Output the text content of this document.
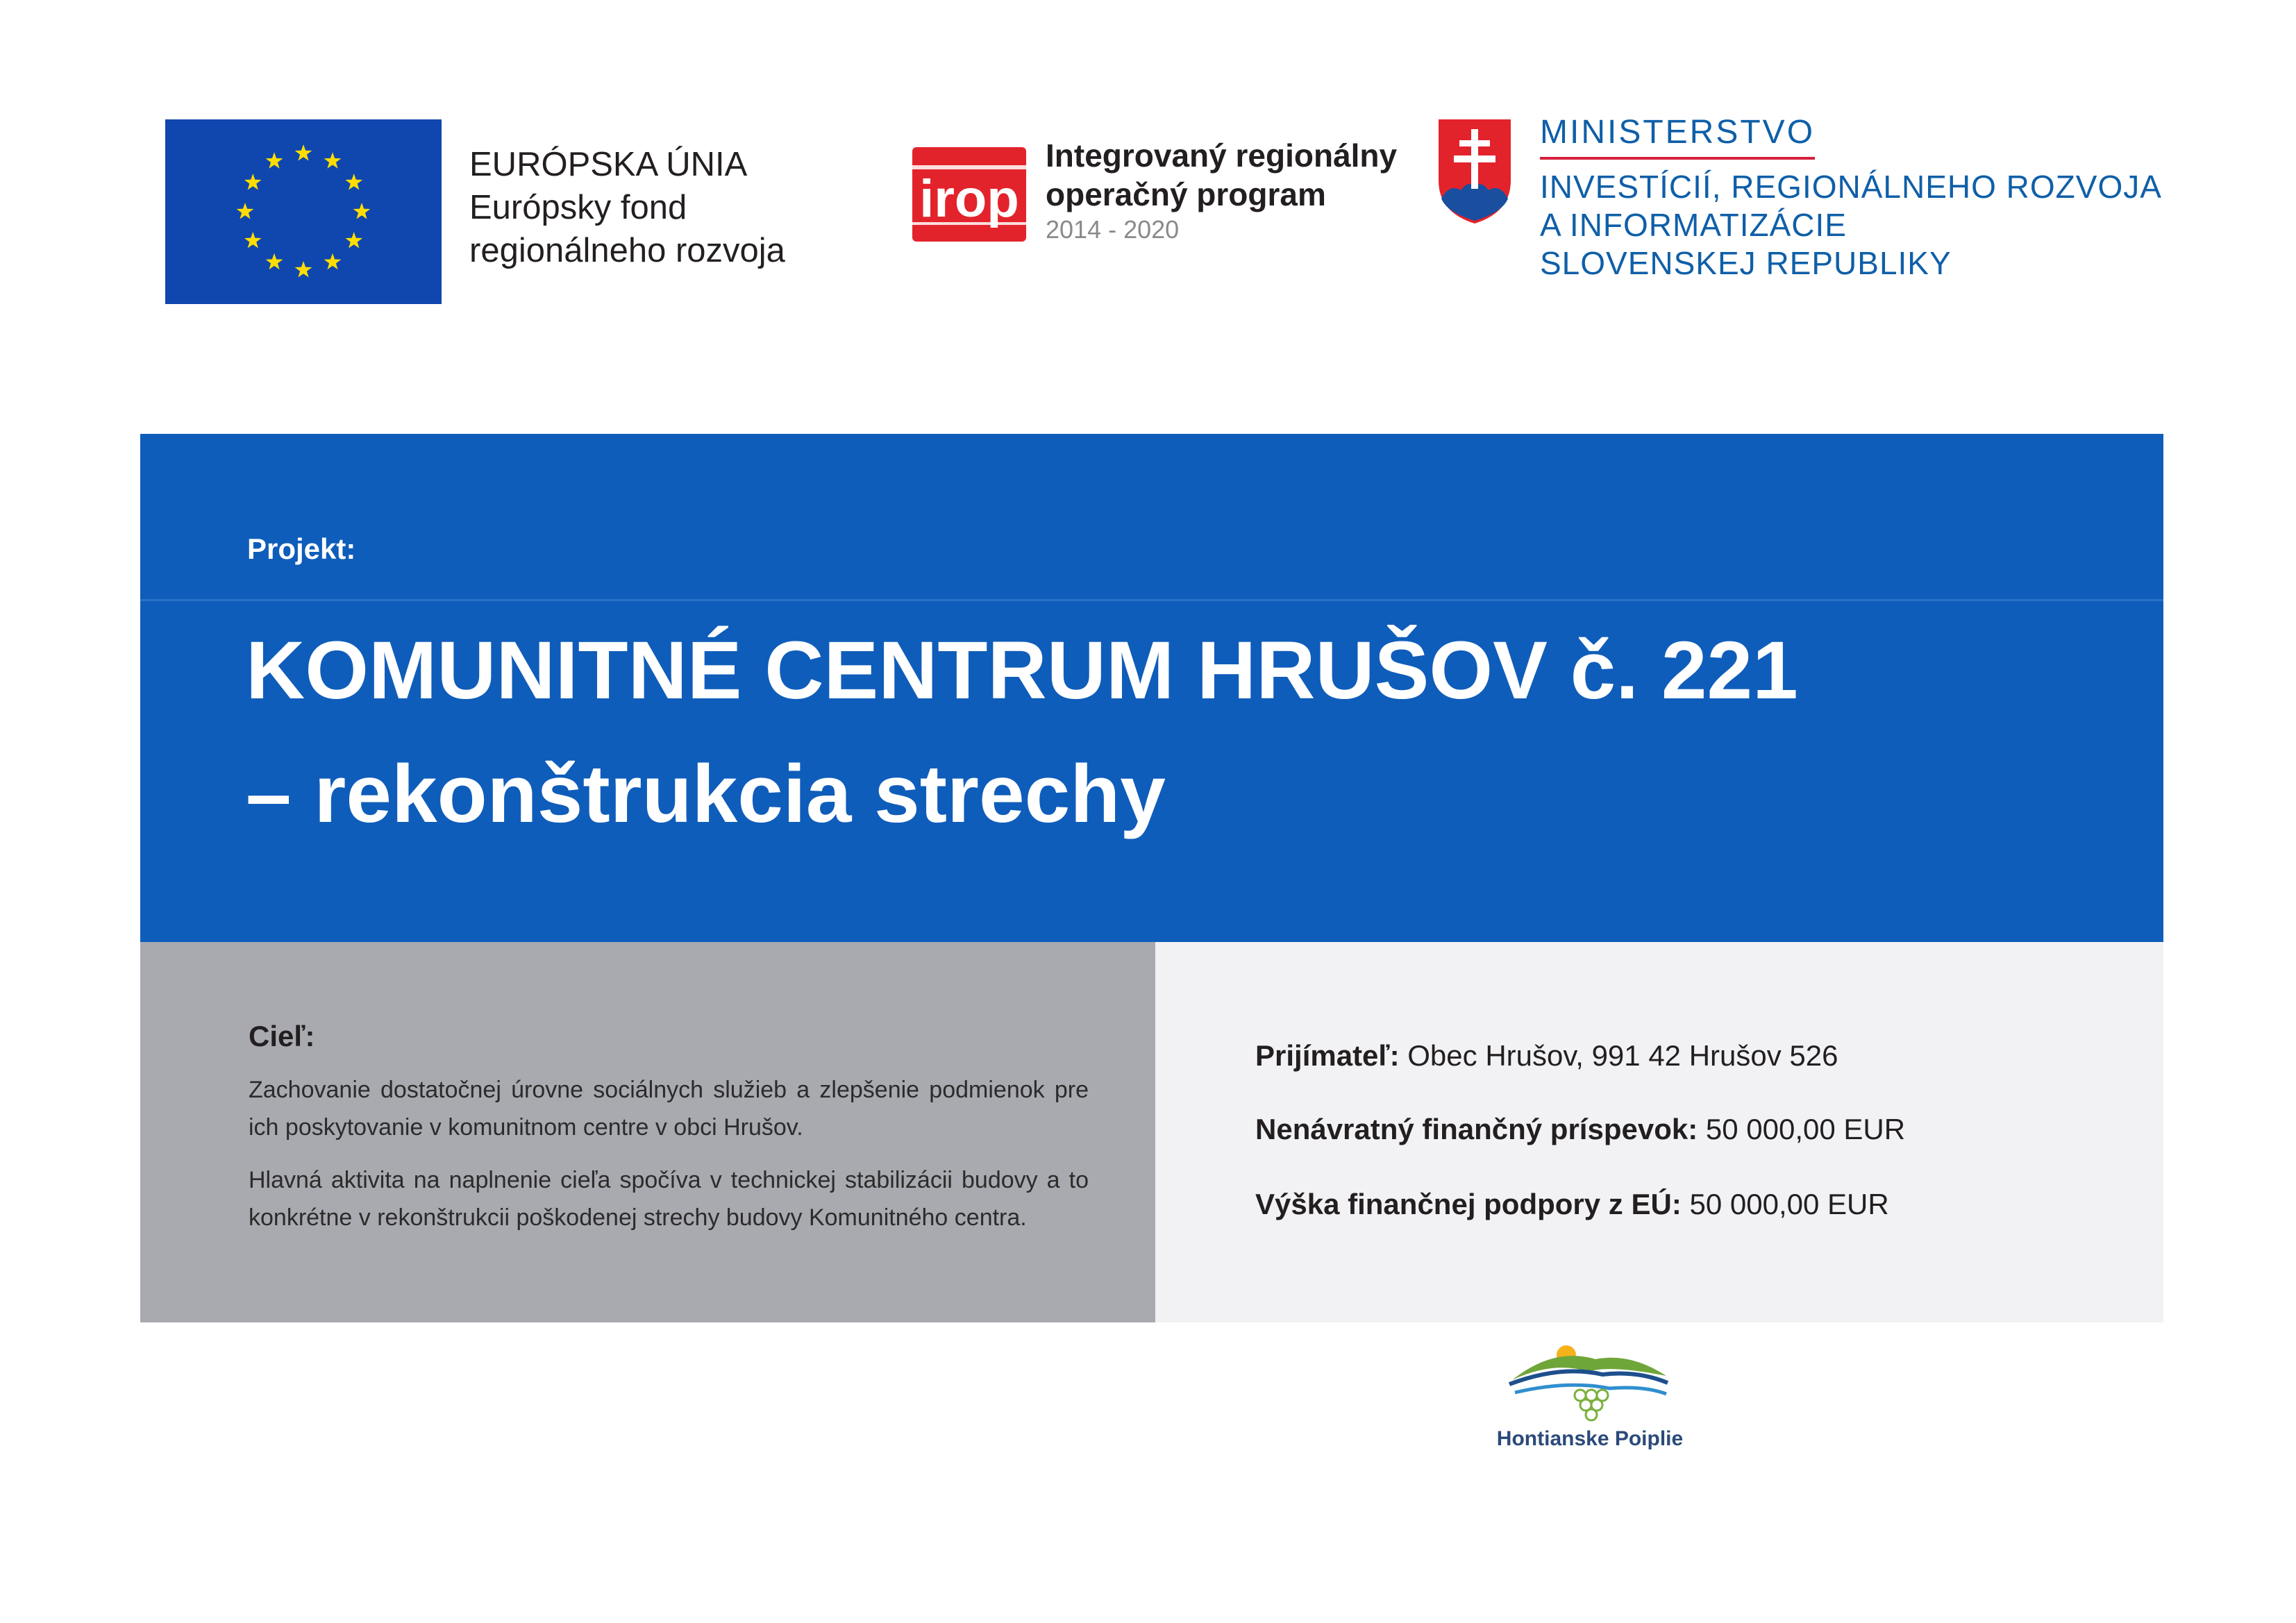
EURÓPSKA ÚNIA
Európsky fond
regionálneho rozvoja
irop
Integrovaný regionálny
operačný program
2014 - 2020
MINISTERSTVO
INVESTÍCIÍ, REGIONÁLNEHO ROZVOJA
A INFORMATIZÁCIE
SLOVENSKEJ REPUBLIKY
Projekt:
KOMUNITNÉ CENTRUM HRUŠOV č. 221
– rekonštrukcia strechy
Cieľ:

Zachovanie dostatočnej úrovne sociálnych služieb a zlepšenie podmienok pre ich poskytovanie v komunitnom centre v obci Hrušov.

Hlavná aktivita na naplnenie cieľa spočíva v technickej stabilizácii budovy a to konkrétne v rekonštrukcii poškodenej strechy budovy Komunitného centra.

Prijímateľ: Obec Hrušov, 991 42 Hrušov 526
Nenávratný finančný príspevok: 50 000,00 EUR
Výška finančnej podpory z EÚ: 50 000,00 EUR
Hontianske Poiplie
